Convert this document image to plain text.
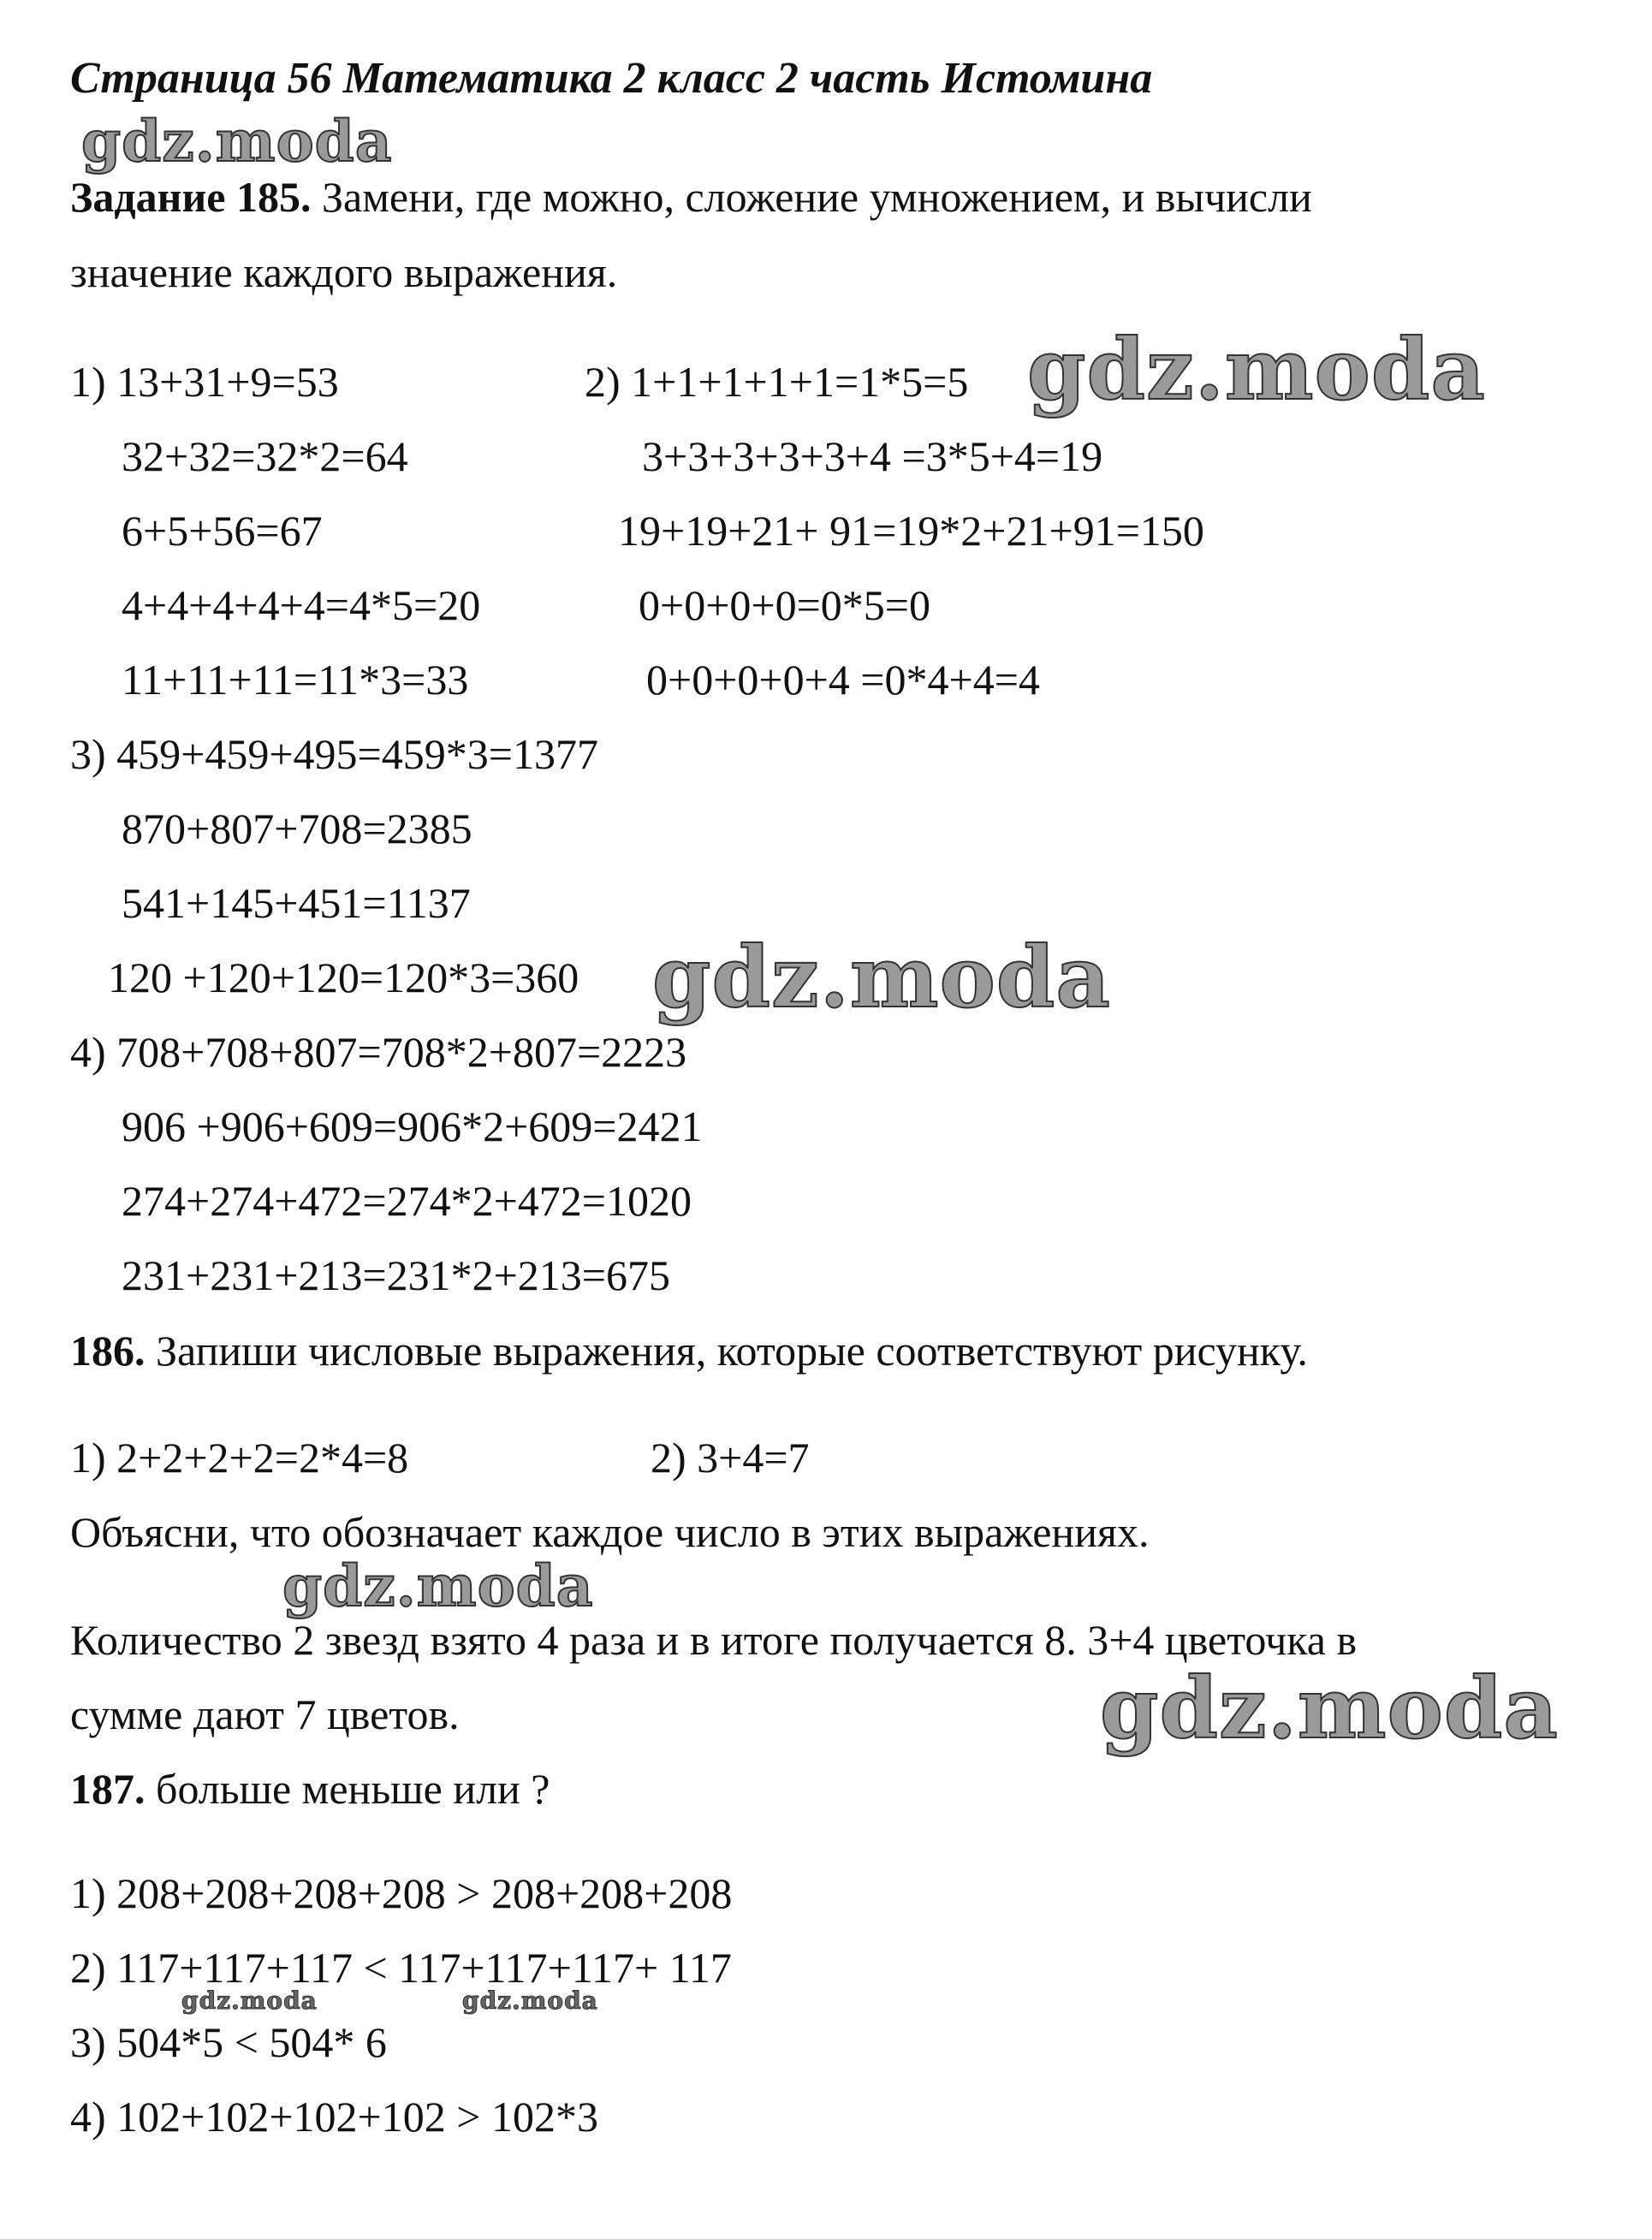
Страница 56 Математика 2 класс 2 часть Истомина
gdz.moda
Задание 185. Замени, где можно, сложение умножением, и вычисли
значение каждого выражения.
1) 13+31+9=53
32+32=32*2=64
6+5+56=67
4+4+4+4+4=4*5=20
11+11+11=11*3=33
2) 1+1+1+1+1=1*5=5
3+3+3+3+3+4 =3*5+4=19
19+19+21+ 91=19*2+21+91=150
0+0+0+0=0*5=0
0+0+0+0+4 =0*4+4=4
gdz.moda
3) 459+459+495=459*3=1377
870+807+708=2385
541+145+451=1137
120 +120+120=120*3=360 gdz.moda
4) 708+708+807=708*2+807=2223
906 +906+609=906*2+609=2421
274+274+472=274*2+472=1020
231+231+213=231*2+213=675
186. Запиши числовые выражения, которые соответствуют рисунку.
1) 2+2+2+2=2*4=8	2) 3+4=7
Объясни, что обозначает каждое число в этих выражениях.
gdz.moda
Количество 2 звезд взято 4 раза и в итоге получается 8. 3+4 цветочка в
сумме дают 7 цветов.	gdz.moda
187. больше меньше или ?
1) 208+208+208+208 > 208+208+208
2) 117+117+117 < 117+117+117+ 117
gdz.moda	gdz.moda
3) 504*5 < 504* 6
4) 102+102+102+102 > 102*3
